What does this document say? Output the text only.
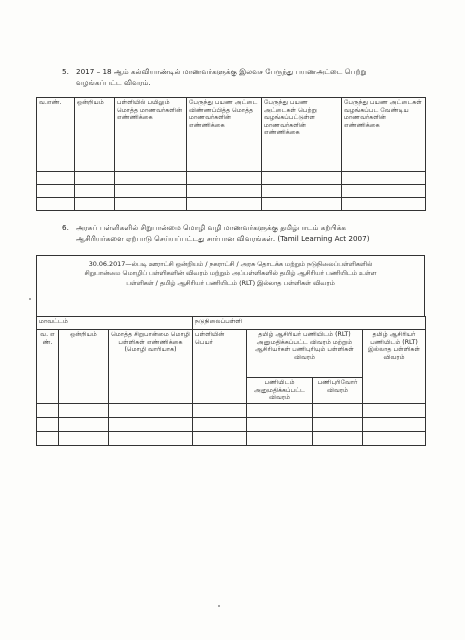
5. 2017 – 18 ஆம் கல்வியாண்டில் மாணவர்களுக்கு இலவச பேருந்து பயணஅட்டை பெற்று
வழங்கப்பட்ட விவரம்.
வ.எண்.	ஒன்றியம்	பள்ளியில் பயிலும் மொத்த மாணவர்களின் எண்ணிக்கை	பேருந்து பயண அட்டை விண்ணப்பித்த மொத்த மாணவர்களின் எண்ணிக்கை	பேருந்து பயண அட்டைகள் பெற்று வழங்கப்பட்டுள்ள மாணவர்களின் எண்ணிக்கை	பேருந்து பயண அட்டைகள் வழங்கப்பட வேண்டிய மாணவர்களின் எண்ணிக்கை

6. அரசுப் பள்ளிகளில் சிறுபான்மை மொழி வழி மாணவர்களுக்கு தமிழ்பாடம் கற்பிக்க
ஆசிரியர்களை ஏற்பாடு செய்யப்பட்டது சார்பான விவரங்கள். (Tamil Learning Act 2007)
30.06.2017—ல்படி ஊராட்சி ஒன்றியம் / நகராட்சி / அரசு தொடக்க மற்றும் நடுநிலைப்பள்ளிகளில்
சிறுபான்மை மொழிப் பள்ளிகளின் விவரம் மற்றும் அப்பள்ளிகளில் தமிழ் ஆசிரியர் பணியிடம் உள்ள
பள்ளிகள் / தமிழ் ஆசிரியர் பணியிடம் (RLT) இல்லாத பள்ளிகள் விவரம்
மாவட்டம்			நடுநிலைப்பள்ளி			
வ. எ ண்.	ஒன்றியம்	மொத்த சிறுபான்மை மொழி பள்ளிகள் எண்ணிக்கை (மொழி வாரியாக)	பள்ளியின் பெயர்	தமிழ் ஆசிரியர் பணியிடம் (RLT) அனுமதிக்கப்பட்ட விவரம் மற்றும் ஆசிரியர்கள் பணிபுரியும் பள்ளிகள் விவரம்		தமிழ் ஆசிரியர் பணியிடம் (RLT) இல்லாத பள்ளிகள் விவரம்
				பணியிடம் அனுமதிக்கப்பட்ட விவரம்	பணிபுரிவோர் விவரம்	
